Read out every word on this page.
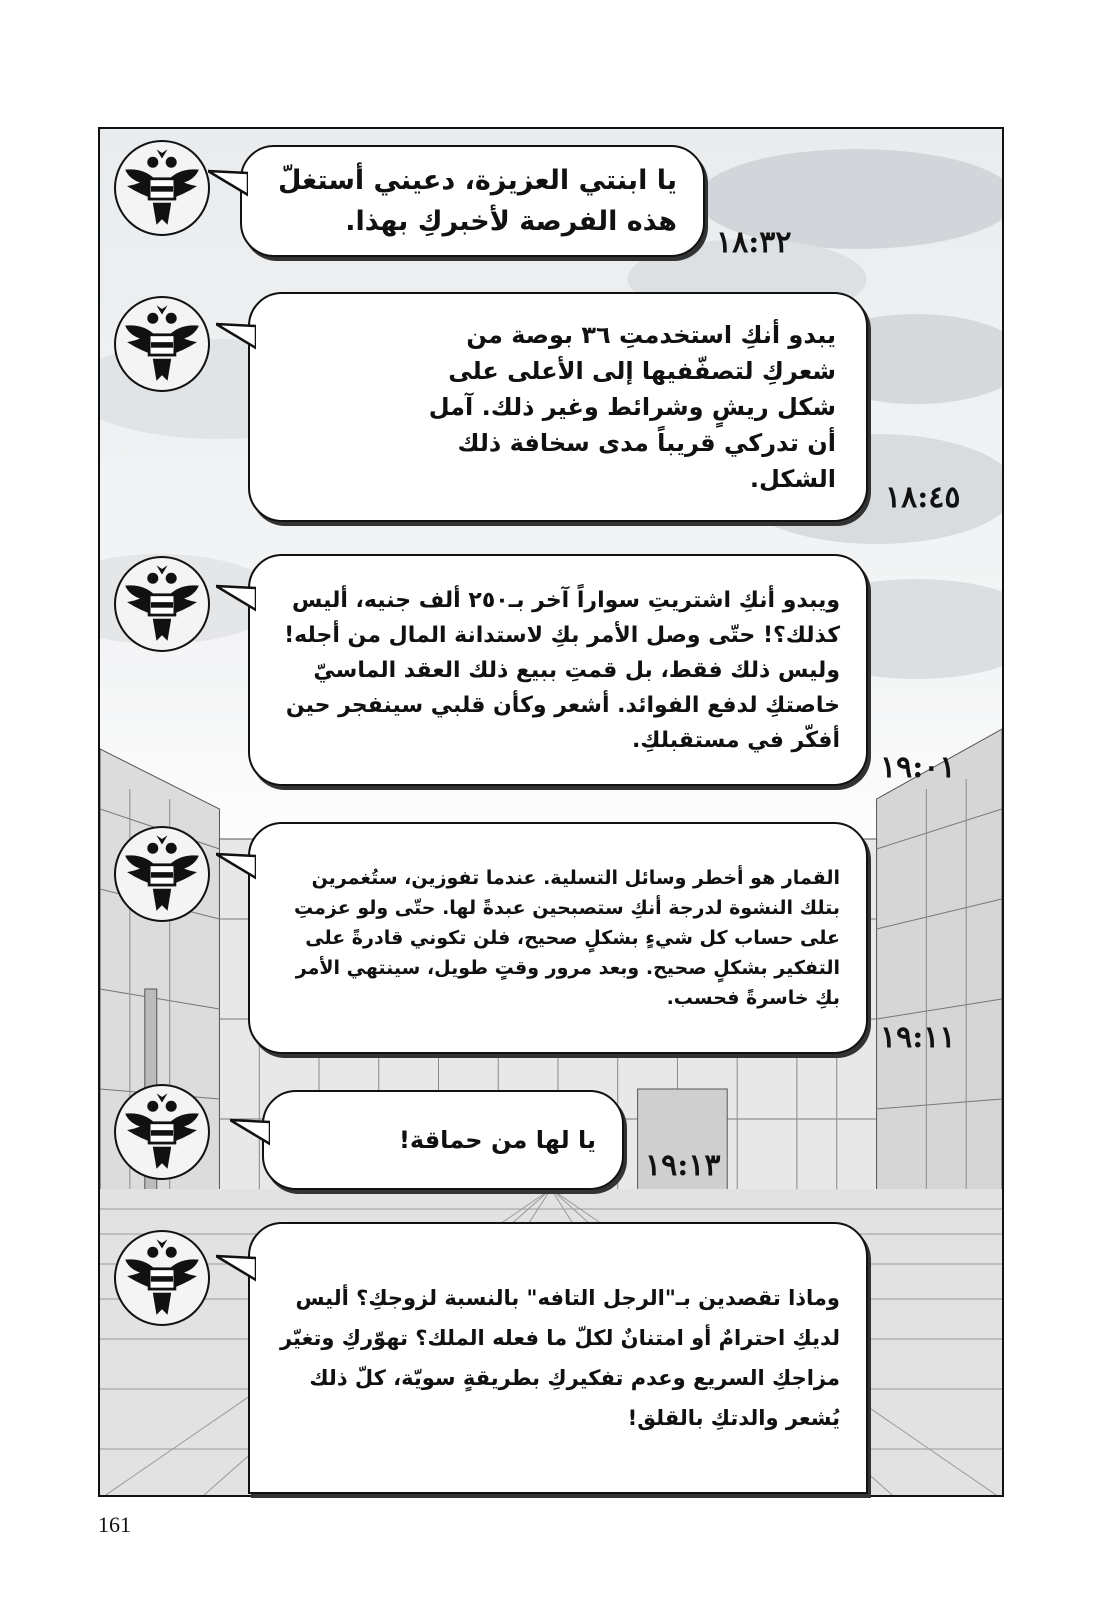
يا ابنتي العزيزة، دعيني أستغلّ هذه الفرصة لأخبركِ بهذا.
١٨:٣٢
يبدو أنكِ استخدمتِ ٣٦ بوصة من شعركِ لتصفّفيها إلى الأعلى على شكل ريشٍ وشرائط وغير ذلك. آمل أن تدركي قريباً مدى سخافة ذلك الشكل.
١٨:٤٥
ويبدو أنكِ اشتريتِ سواراً آخر بـ٢٥٠ ألف جنيه، أليس كذلك؟! حتّى وصل الأمر بكِ لاستدانة المال من أجله! وليس ذلك فقط، بل قمتِ ببيع ذلك العقد الماسيّ خاصتكِ لدفع الفوائد. أشعر وكأن قلبي سينفجر حين أفكّر في مستقبلكِ.
١٩:٠١
القمار هو أخطر وسائل التسلية. عندما تفوزين، ستُغمرين بتلك النشوة لدرجة أنكِ ستصبحين عبدةً لها. حتّى ولو عزمتِ على حساب كل شيءٍ بشكلٍ صحيح، فلن تكوني قادرةً على التفكير بشكلٍ صحيح. وبعد مرور وقتٍ طويل، سينتهي الأمر بكِ خاسرةً فحسب.
١٩:١١
يا لها من حماقة!
١٩:١٣
وماذا تقصدين بـ"الرجل التافه" بالنسبة لزوجكِ؟ أليس لديكِ احترامٌ أو امتنانٌ لكلّ ما فعله الملك؟ تهوّركِ وتغيّر مزاجكِ السريع وعدم تفكيركِ بطريقةٍ سويّة، كلّ ذلك يُشعر والدتكِ بالقلق!
161
